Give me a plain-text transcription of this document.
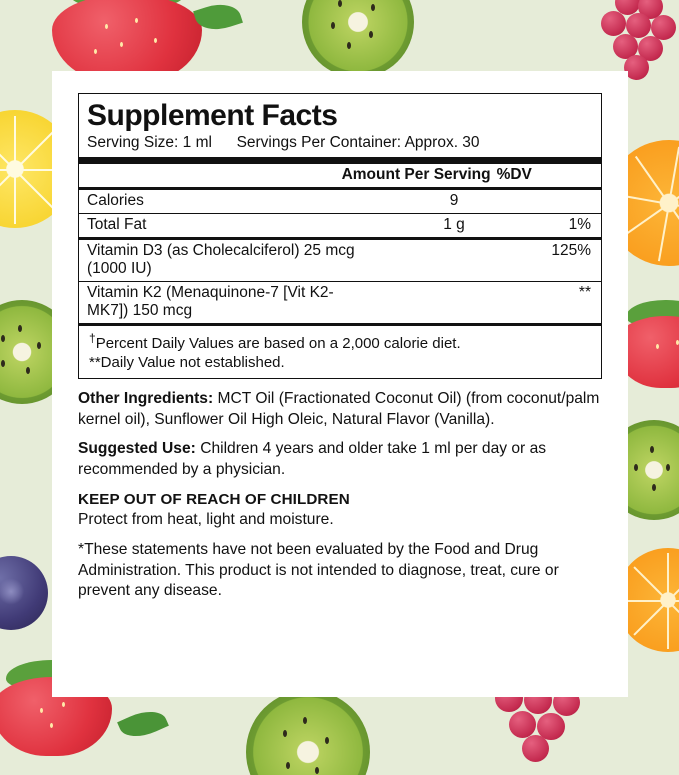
Supplement Facts
Serving Size: 1 ml Servings Per Container: Approx. 30
	Amount Per Serving	%DV
Calories	9	
Total Fat	1 g	1%
Vitamin D3 (as Cholecalciferol) 25 mcg (1000 IU)		125%
Vitamin K2 (Menaquinone-7 [Vit K2-MK7]) 150 mcg		**
†Percent Daily Values are based on a 2,000 calorie diet.
**Daily Value not established.

Other Ingredients: MCT Oil (Fractionated Coconut Oil) (from coconut/palm kernel oil), Sunflower Oil High Oleic, Natural Flavor (Vanilla).

Suggested Use: Children 4 years and older take 1 ml per day or as recommended by a physician.

KEEP OUT OF REACH OF CHILDREN

Protect from heat, light and moisture.

*These statements have not been evaluated by the Food and Drug Administration. This product is not intended to diagnose, treat, cure or prevent any disease.
